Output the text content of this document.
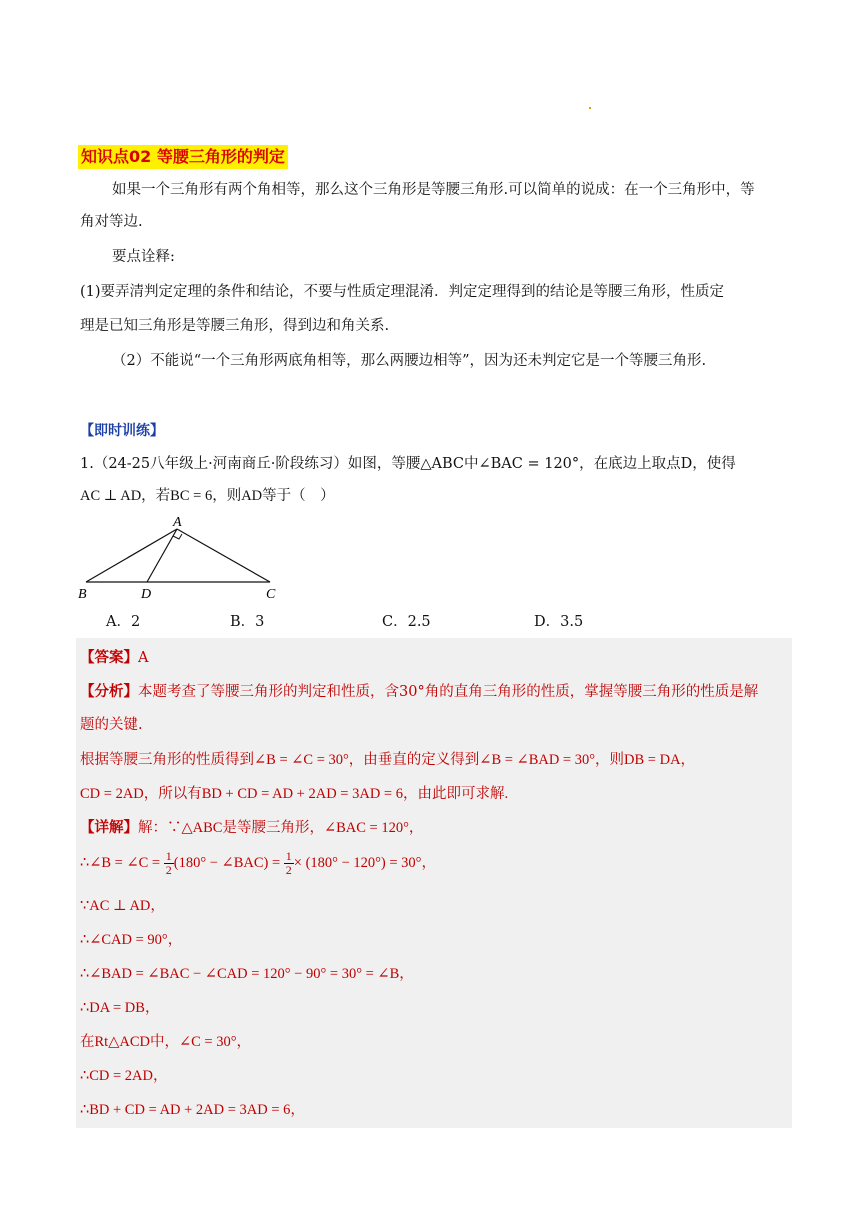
知识点02 等腰三角形的判定
如果一个三角形有两个角相等，那么这个三角形是等腰三角形.可以简单的说成：在一个三角形中，等
角对等边.
要点诠释:
(1)要弄清判定定理的条件和结论，不要与性质定理混淆．判定定理得到的结论是等腰三角形，性质定
理是已知三角形是等腰三角形，得到边和角关系.
（2）不能说“一个三角形两底角相等，那么两腰边相等”，因为还未判定它是一个等腰三角形.
【即时训练】
1.（24-25八年级上·河南商丘·阶段练习）如图，等腰△ABC中∠BAC = 120°，在底边上取点D，使得
AC ⊥ AD，若BC = 6，则AD等于（　）
A
B	D	C
A．2	B．3	C．2.5	D．3.5
【答案】A
【分析】本题考查了等腰三角形的判定和性质，含30°角的直角三角形的性质，掌握等腰三角形的性质是解
题的关键.
根据等腰三角形的性质得到∠B = ∠C = 30°，由垂直的定义得到∠B = ∠BAD = 30°，则DB = DA，
CD = 2AD，所以有BD + CD = AD + 2AD = 3AD = 6，由此即可求解.
【详解】解：∵△ABC是等腰三角形，∠BAC = 120°，
∴∠B = ∠C = $\frac{1}{2} (180^\circ$ − ∠BAC) = $\frac{1}{2} \times (180^\circ - 120^\circ) = 30^\circ$，
∵AC ⊥ AD，
∴∠CAD = 90°，
∴∠BAD = ∠BAC − ∠CAD = 120° − 90° = 30° = ∠B，
∴DA = DB，
在Rt△ACD中，∠C = 30°，
∴CD = 2AD，
∴BD + CD = AD + 2AD = 3AD = 6，
